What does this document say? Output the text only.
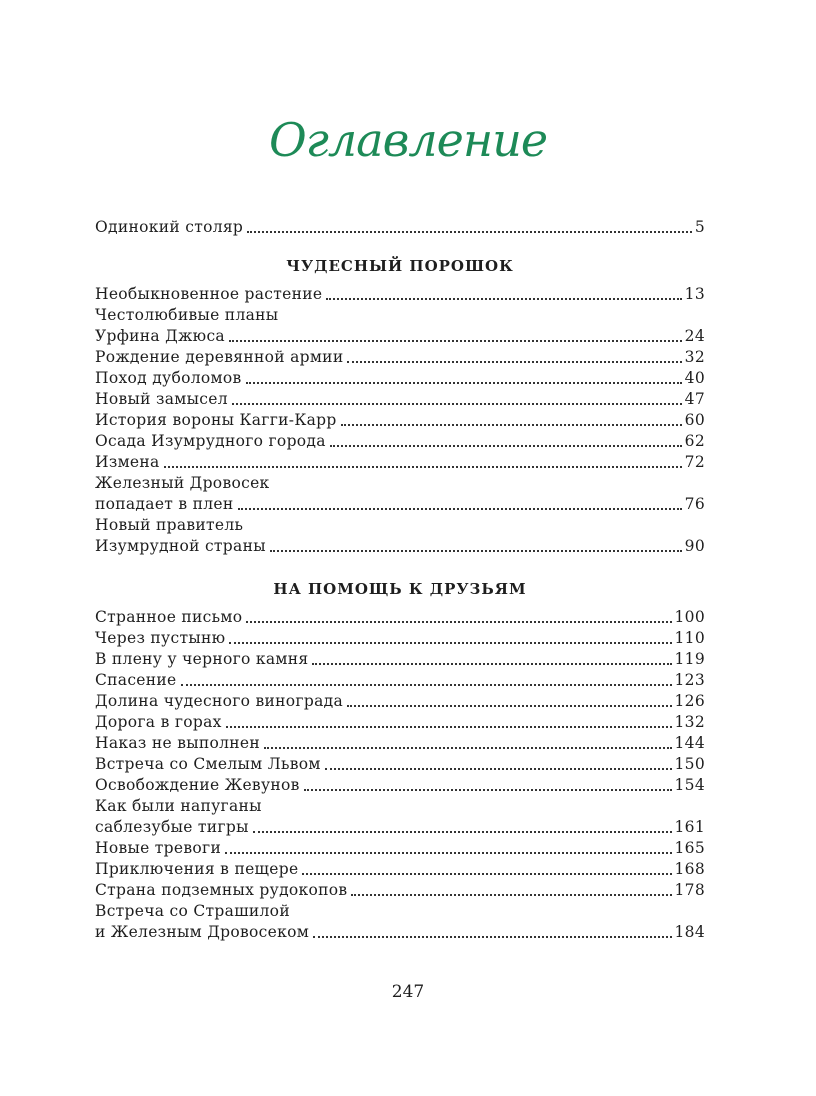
Оглавление
Одинокий столяр	5
ЧУДЕСНЫЙ ПОРОШОК
Необыкновенное растение	13
Честолюбивые планы
Урфина Джюса	24
Рождение деревянной армии	32
Поход дуболомов	40
Новый замысел	47
История вороны Кагги-Карр	60
Осада Изумрудного города	62
Измена	72
Железный Дровосек
попадает в плен	76
Новый правитель
Изумрудной страны	90
НА ПОМОЩЬ К ДРУЗЬЯМ
Странное письмо	100
Через пустыню	110
В плену у черного камня	119
Спасение	123
Долина чудесного винограда	126
Дорога в горах	132
Наказ не выполнен	144
Встреча со Смелым Львом	150
Освобождение Жевунов	154
Как были напуганы
саблезубые тигры	161
Новые тревоги	165
Приключения в пещере	168
Страна подземных рудокопов	178
Встреча со Страшилой
и Железным Дровосеком	184
247
